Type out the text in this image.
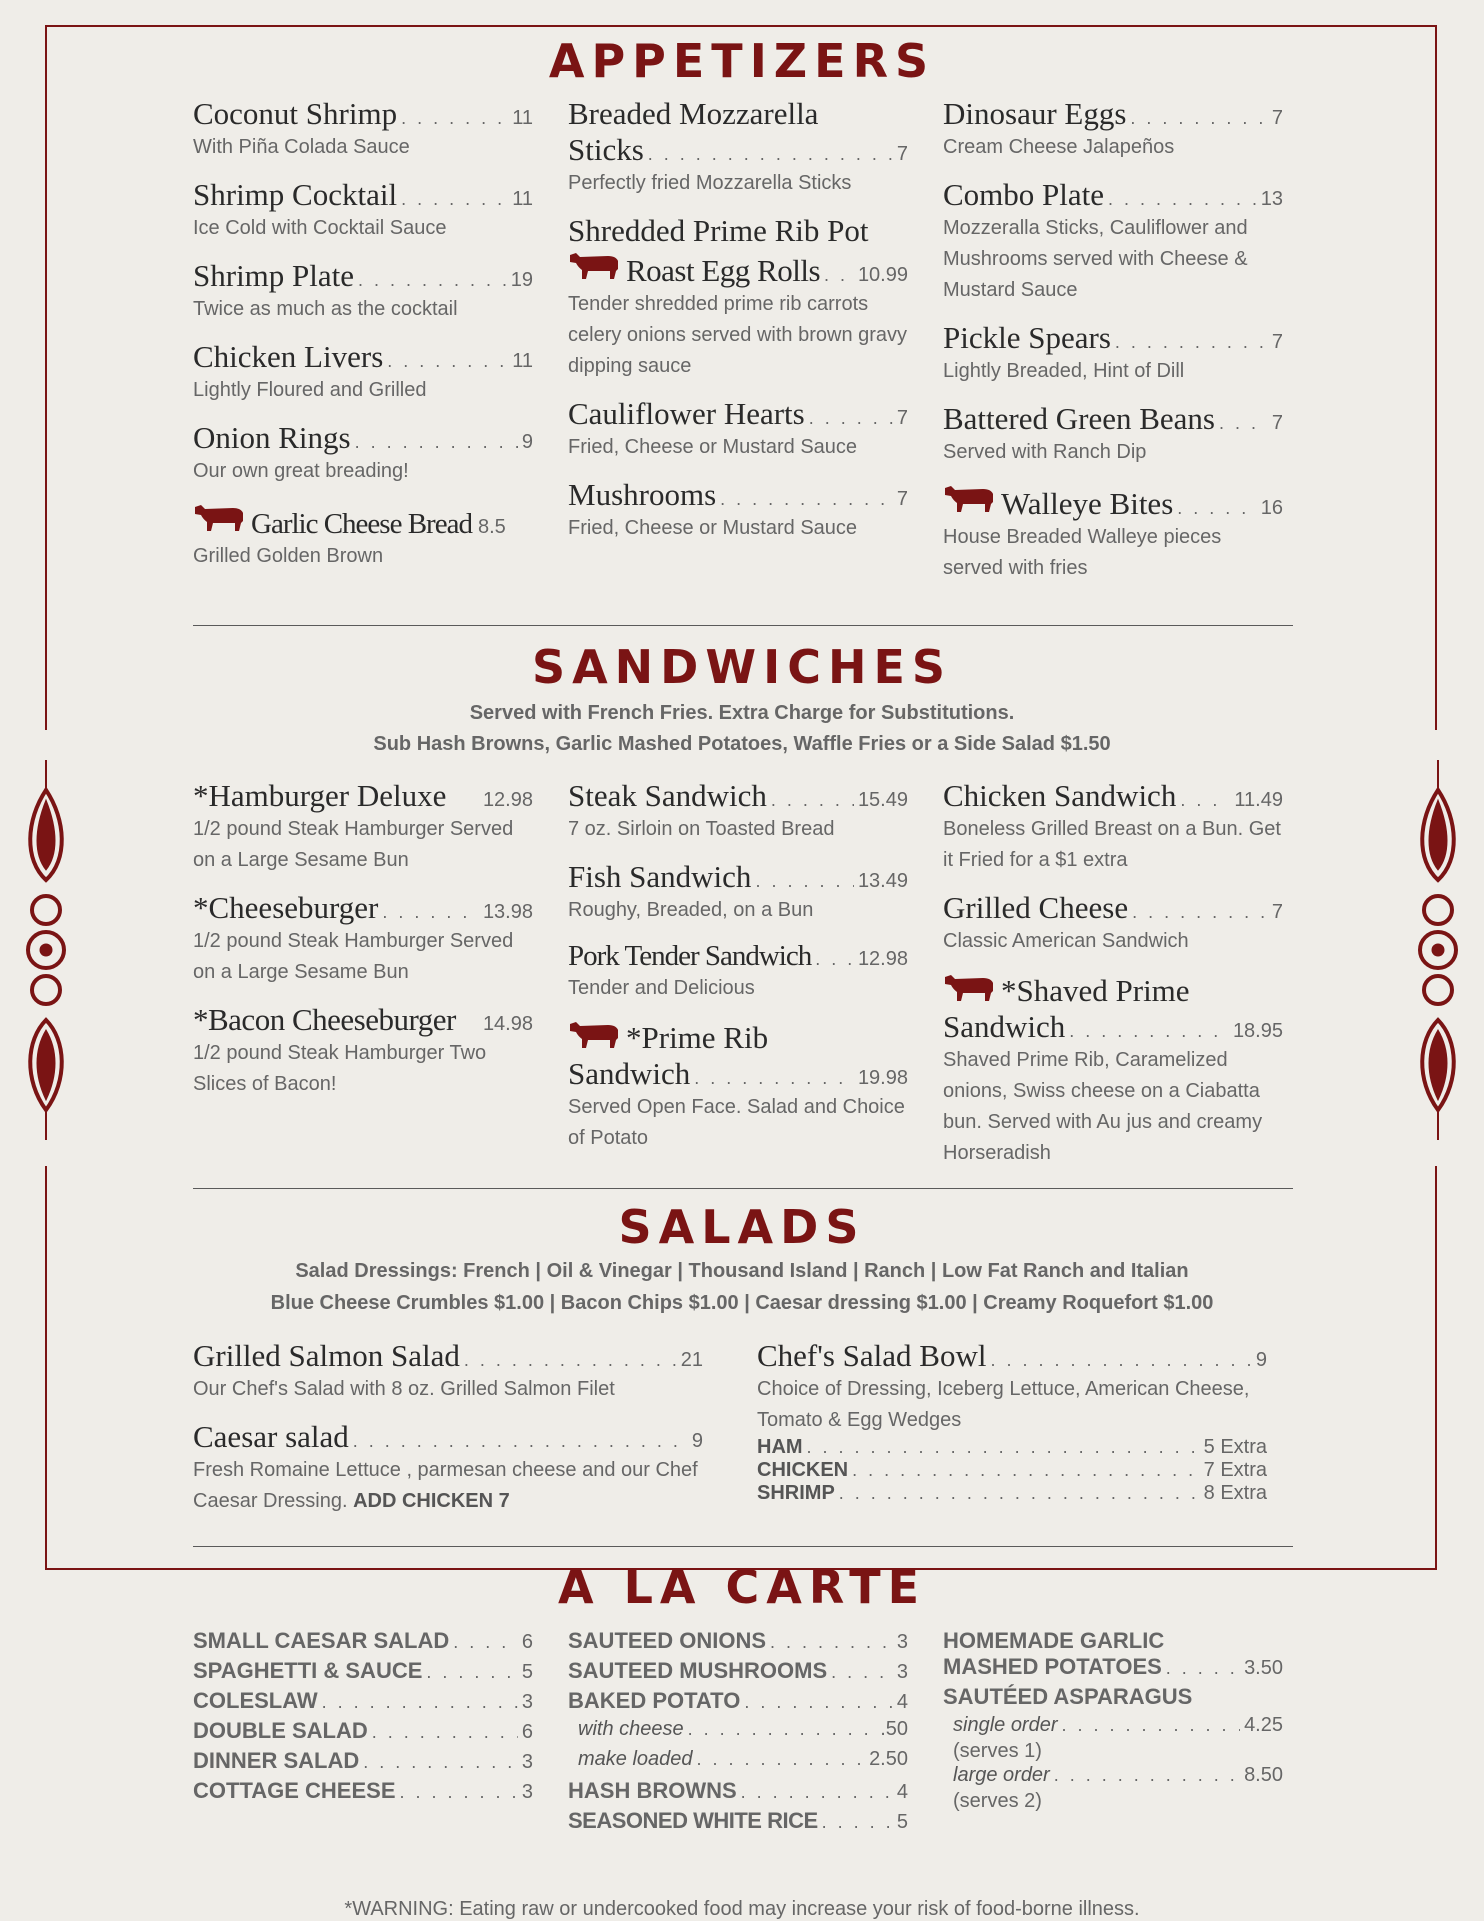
APPETIZERS
Coconut Shrimp . . .	11
With Piña Colada Sauce
Shrimp Cocktail . . .	11
Ice Cold with Cocktail Sauce
Shrimp Plate . . .	19
Twice as much as the cocktail
Chicken Livers . . .	11
Lightly Floured and Grilled
Onion Rings . . .	9
Our own great breading!
Garlic Cheese Bread 8.5
Grilled Golden Brown
Breaded Mozzarella
Sticks . . .	7
Perfectly fried Mozzarella Sticks
Shredded Prime Rib Pot
Roast Egg Rolls . . . 10.99
Tender shredded prime rib carrots celery onions served with brown gravy dipping sauce
Cauliflower Hearts . . .	7
Fried, Cheese or Mustard Sauce
Mushrooms . . .	7
Fried, Cheese or Mustard Sauce
Dinosaur Eggs . . .	7
Cream Cheese Jalapeños
Combo Plate . . .	13
Mozzeralla Sticks, Cauliflower and Mushrooms served with Cheese & Mustard Sauce
Pickle Spears . . .	7
Lightly Breaded, Hint of Dill
Battered Green Beans . . .	7
Served with Ranch Dip
Walleye Bites . . .	16
House Breaded Walleye pieces served with fries
SANDWICHES

Served with French Fries. Extra Charge for Substitutions.

Sub Hash Browns, Garlic Mashed Potatoes, Waffle Fries or a Side Salad $1.50

*Hamburger Deluxe 12.98
1/2 pound Steak Hamburger Served on a Large Sesame Bun
*Cheeseburger . . .	13.98
1/2 pound Steak Hamburger Served on a Large Sesame Bun
*Bacon Cheeseburger 14.98
1/2 pound Steak Hamburger Two Slices of Bacon!
Steak Sandwich . . .	15.49
7 oz. Sirloin on Toasted Bread
Fish Sandwich . . .	13.49
Roughy, Breaded, on a Bun
Pork Tender Sandwich . . . 12.98
Tender and Delicious
*Prime Rib
Sandwich . . .	19.98
Served Open Face. Salad and Choice of Potato
Chicken Sandwich . . .	11.49
Boneless Grilled Breast on a Bun. Get it Fried for a $1 extra
Grilled Cheese . . .	7
Classic American Sandwich
*Shaved Prime
Sandwich . . .	18.95
Shaved Prime Rib, Caramelized onions, Swiss cheese on a Ciabatta bun. Served with Au jus and creamy Horseradish
SALADS

Salad Dressings: French | Oil & Vinegar | Thousand Island | Ranch | Low Fat Ranch and Italian

Blue Cheese Crumbles $1.00 | Bacon Chips $1.00 | Caesar dressing $1.00 | Creamy Roquefort $1.00

Grilled Salmon Salad . . .	21
Our Chef's Salad with 8 oz. Grilled Salmon Filet
Caesar salad . . .	9
Fresh Romaine Lettuce , parmesan cheese and our Chef Caesar Dressing. ADD CHICKEN 7
Chef's Salad Bowl . . .	9
Choice of Dressing, Iceberg Lettuce, American Cheese, Tomato & Egg Wedges
HAM . . .	5 Extra
CHICKEN . . .	7 Extra
SHRIMP . . .	8 Extra
A LA CARTE
SMALL CAESAR SALAD . . .	6
SPAGHETTI & SAUCE . . .	5
COLESLAW . . .	3
DOUBLE SALAD . . .	6
DINNER SALAD . . .	3
COTTAGE CHEESE . . .	3
SAUTEED ONIONS . . .	3
SAUTEED MUSHROOMS . . .	3
BAKED POTATO . . .	4
with cheese . . .	.50
make loaded . . .	2.50
HASH BROWNS . . .	4
SEASONED WHITE RICE . . .	5
HOMEMADE GARLIC
MASHED POTATOES . . .	3.50
SAUTÉED ASPARAGUS
single order . . .	4.25
(serves 1)
large order . . .	8.50
(serves 2)

*WARNING: Eating raw or undercooked food may increase your risk of food-borne illness.
